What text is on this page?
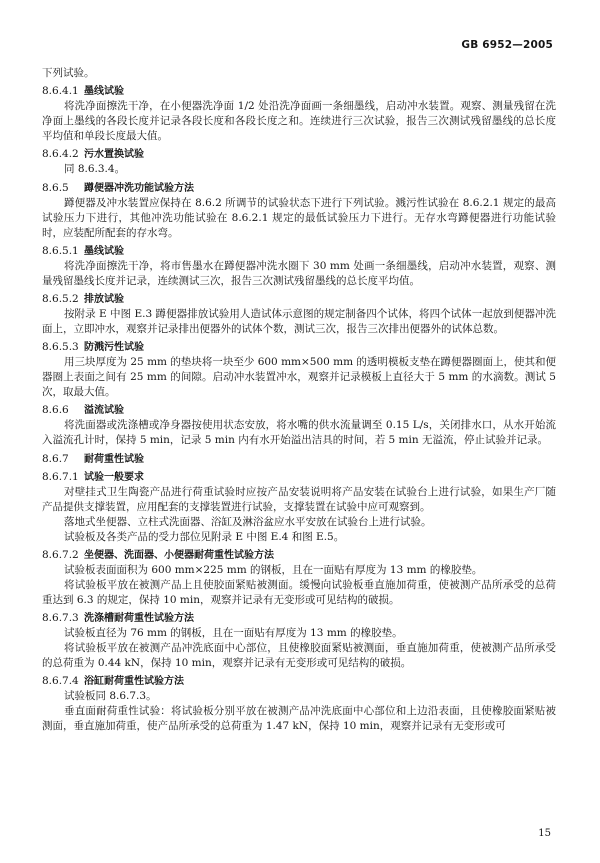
GB 6952—2005
下列试验。
8.6.4.1 墨线试验
将洗净面擦洗干净，在小便器洗净面 1/2 处沿洗净面画一条细墨线，启动冲水装置。观察、测量残留在洗净面上墨线的各段长度并记录各段长度和各段长度之和。连续进行三次试验，报告三次测试残留墨线的总长度平均值和单段长度最大值。
8.6.4.2 污水置换试验
同 8.6.3.4。
8.6.5 蹲便器冲洗功能试验方法
蹲便器及冲水装置应保持在 8.6.2 所调节的试验状态下进行下列试验。溅污性试验在 8.6.2.1 规定的最高试验压力下进行，其他冲洗功能试验在 8.6.2.1 规定的最低试验压力下进行。无存水弯蹲便器进行功能试验时，应装配所配套的存水弯。
8.6.5.1 墨线试验
将洗净面擦洗干净，将市售墨水在蹲便器冲洗水圈下 30 mm 处画一条细墨线，启动冲水装置，观察、测量残留墨线长度并记录，连续测试三次，报告三次测试残留墨线的总长度平均值。
8.6.5.2 排放试验
按附录 E 中图 E.3 蹲便器排放试验用人造试体示意图的规定制备四个试体，将四个试体一起放到便器冲洗面上，立即冲水，观察并记录排出便器外的试体个数，测试三次，报告三次排出便器外的试体总数。
8.6.5.3 防溅污性试验
用三块厚度为 25 mm 的垫块将一块至少 600 mm×500 mm 的透明模板支垫在蹲便器圈面上，使其和便器圈上表面之间有 25 mm 的间隙。启动冲水装置冲水，观察并记录模板上直径大于 5 mm 的水滴数。测试 5 次，取最大值。
8.6.6 溢流试验
将洗面器或洗涤槽或净身器按使用状态安放，将水嘴的供水流量调至 0.15 L/s，关闭排水口，从水开始流入溢流孔计时，保持 5 min，记录 5 min 内有水开始溢出洁具的时间，若 5 min 无溢流，停止试验并记录。
8.6.7 耐荷重性试验
8.6.7.1 试验一般要求
对壁挂式卫生陶瓷产品进行荷重试验时应按产品安装说明将产品安装在试验台上进行试验，如果生产厂随产品提供支撑装置，应用配套的支撑装置进行试验，支撑装置在试验中应可观察到。
落地式坐便器、立柱式洗面器、浴缸及淋浴盆应水平安放在试验台上进行试验。
试验板及各类产品的受力部位见附录 E 中图 E.4 和图 E.5。
8.6.7.2 坐便器、洗面器、小便器耐荷重性试验方法
试验板表面面积为 600 mm×225 mm 的钢板，且在一面贴有厚度为 13 mm 的橡胶垫。
将试验板平放在被测产品上且使胶面紧贴被测面。缓慢向试验板垂直施加荷重，使被测产品所承受的总荷重达到 6.3 的规定，保持 10 min，观察并记录有无变形或可见结构的破损。
8.6.7.3 洗涤槽耐荷重性试验方法
试验板直径为 76 mm 的钢板，且在一面贴有厚度为 13 mm 的橡胶垫。
将试验板平放在被测产品冲洗底面中心部位，且使橡胶面紧贴被测面，垂直施加荷重，使被测产品所承受的总荷重为 0.44 kN，保持 10 min，观察并记录有无变形或可见结构的破损。
8.6.7.4 浴缸耐荷重性试验方法
试验板同 8.6.7.3。
垂直面耐荷重性试验：将试验板分别平放在被测产品冲洗底面中心部位和上边沿表面，且使橡胶面紧贴被测面，垂直施加荷重，使产品所承受的总荷重为 1.47 kN，保持 10 min，观察并记录有无变形或可
15
